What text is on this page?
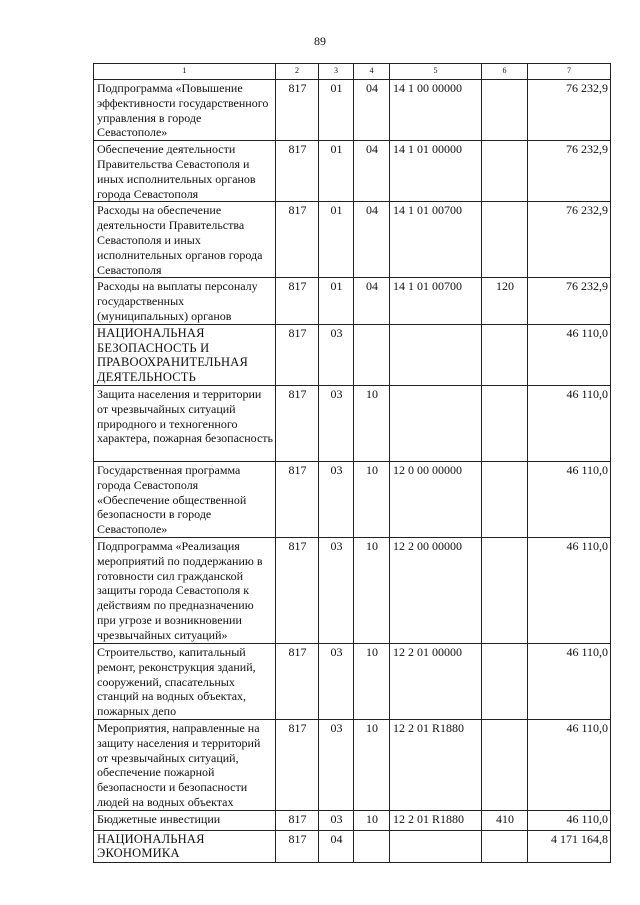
89
1	2	3	4	5	6	7
Подпрограмма «Повышение эффективности государственного управления в городе Севастополе»	817	01	04	14 1 00 00000		76 232,9
Обеспечение деятельности Правительства Севастополя и иных исполнительных органов города Севастополя	817	01	04	14 1 01 00000		76 232,9
Расходы на обеспечение деятельности Правительства Севастополя и иных исполнительных органов города Севастополя	817	01	04	14 1 01 00700		76 232,9
Расходы на выплаты персоналу государственных (муниципальных) органов	817	01	04	14 1 01 00700	120	76 232,9
НАЦИОНАЛЬНАЯ БЕЗОПАСНОСТЬ И ПРАВООХРАНИТЕЛЬНАЯ ДЕЯТЕЛЬНОСТЬ	817	03				46 110,0
Защита населения и территории от чрезвычайных ситуаций природного и техногенного характера, пожарная безопасность	817	03	10			46 110,0
Государственная программа города Севастополя «Обеспечение общественной безопасности в городе Севастополе»	817	03	10	12 0 00 00000		46 110,0
Подпрограмма «Реализация мероприятий по поддержанию в готовности сил гражданской защиты города Севастополя к действиям по предназначению при угрозе и возникновении чрезвычайных ситуаций»	817	03	10	12 2 00 00000		46 110,0
Строительство, капитальный ремонт, реконструкция зданий, сооружений, спасательных станций на водных объектах, пожарных депо	817	03	10	12 2 01 00000		46 110,0
Мероприятия, направленные на защиту населения и территорий от чрезвычайных ситуаций, обеспечение пожарной безопасности и безопасности людей на водных объектах	817	03	10	12 2 01 R1880		46 110,0
Бюджетные инвестиции	817	03	10	12 2 01 R1880	410	46 110,0
НАЦИОНАЛЬНАЯ ЭКОНОМИКА	817	04				4 171 164,8
